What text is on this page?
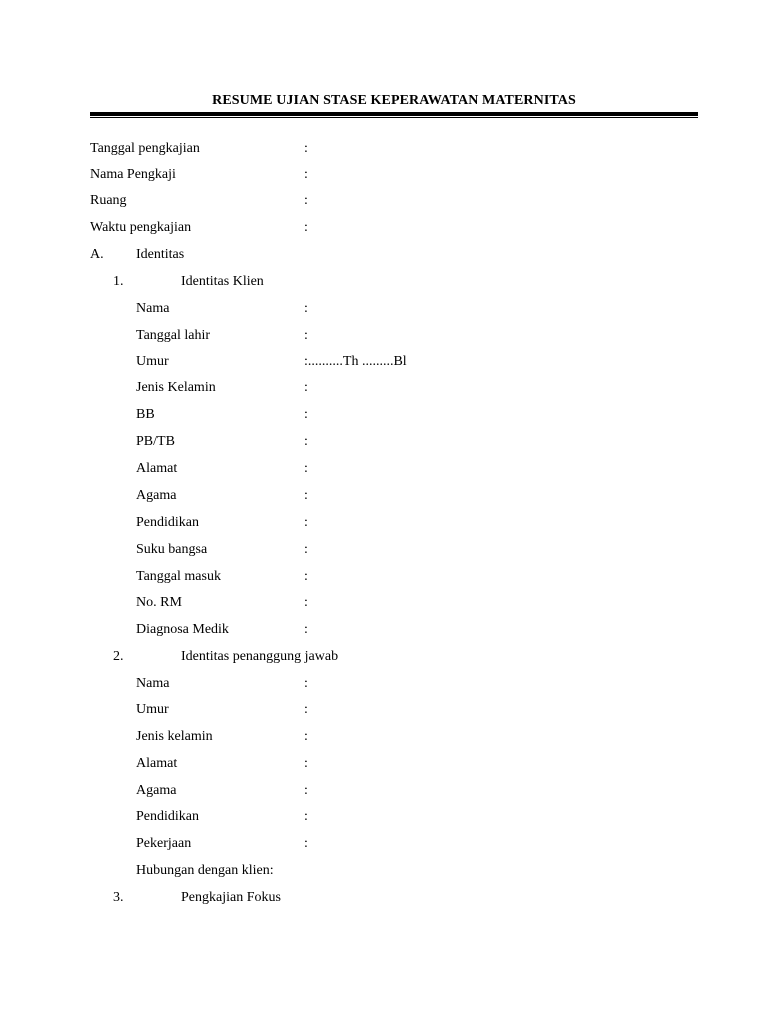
RESUME UJIAN STASE KEPERAWATAN MATERNITAS
Tanggal pengkajian	:
Nama Pengkaji	:
Ruang	:
Waktu pengkajian	:
A. Identitas
1.	Identitas Klien
Nama	:
Tanggal lahir	:
Umur	:..........Th .........Bl
Jenis Kelamin	:
BB	:
PB/TB	:
Alamat	:
Agama	:
Pendidikan	:
Suku bangsa	:
Tanggal masuk	:
No. RM	:
Diagnosa Medik	:
2.	Identitas penanggung jawab
Nama	:
Umur	:
Jenis kelamin	:
Alamat	:
Agama	:
Pendidikan	:
Pekerjaan	:
Hubungan dengan klien:
3.	Pengkajian Fokus
